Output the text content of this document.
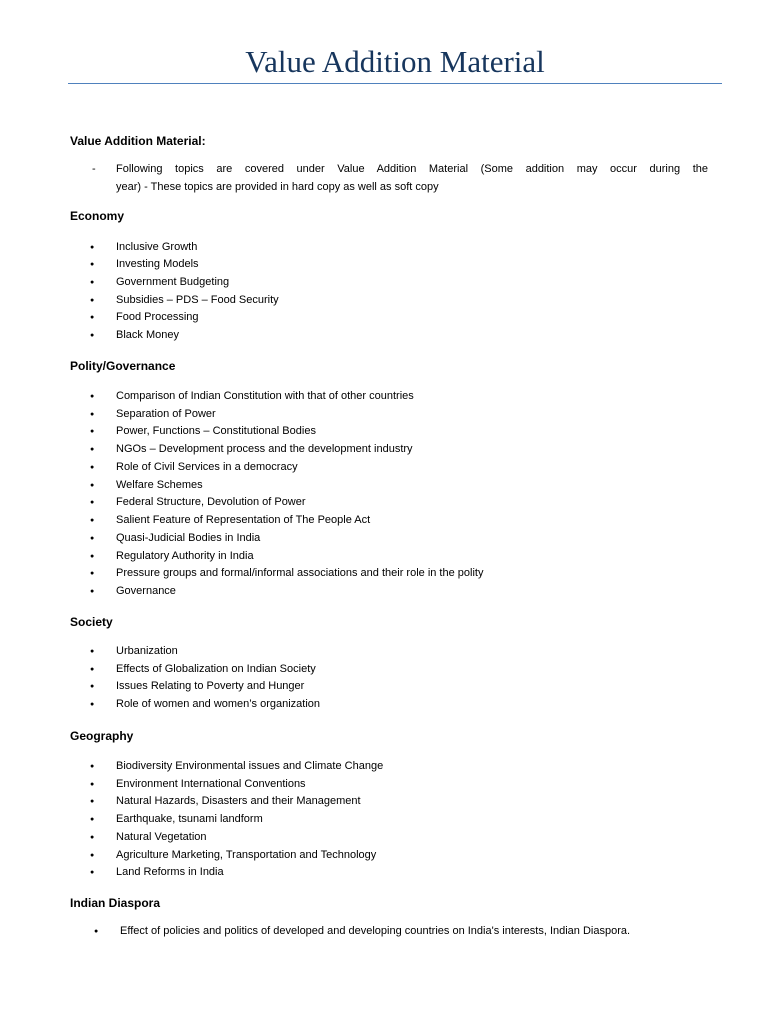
Value Addition Material
Value Addition Material:
- Following topics are covered under Value Addition Material (Some addition may occur during the
year) - These topics are provided in hard copy as well as soft copy
Economy
● Inclusive Growth
● Investing Models
● Government Budgeting
● Subsidies – PDS – Food Security
● Food Processing
● Black Money
Polity/Governance
● Comparison of Indian Constitution with that of other countries
● Separation of Power
● Power, Functions – Constitutional Bodies
● NGOs – Development process and the development industry
● Role of Civil Services in a democracy
● Welfare Schemes
● Federal Structure, Devolution of Power
● Salient Feature of Representation of The People Act
● Quasi-Judicial Bodies in India
● Regulatory Authority in India
● Pressure groups and formal/informal associations and their role in the polity
● Governance
Society
● Urbanization
● Effects of Globalization on Indian Society
● Issues Relating to Poverty and Hunger
● Role of women and women’s organization
Geography
● Biodiversity Environmental issues and Climate Change
● Environment International Conventions
● Natural Hazards, Disasters and their Management
● Earthquake, tsunami landform
● Natural Vegetation
● Agriculture Marketing, Transportation and Technology
● Land Reforms in India
Indian Diaspora
● Effect of policies and politics of developed and developing countries on India's interests, Indian Diaspora.
